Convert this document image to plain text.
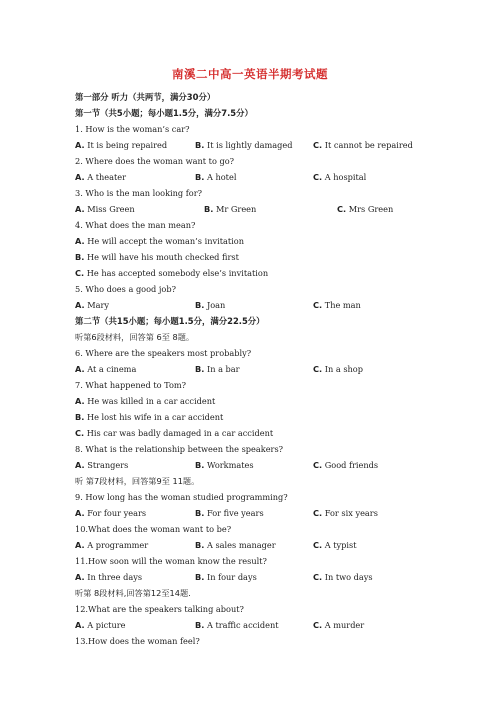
南溪二中高一英语半期考试题
第一部分 听力（共两节，满分30分）
第一节（共5小题；每小题1.5分，满分7.5分）
1. How is the woman’s car?
A. It is being repaired	B. It is lightly damaged	C. It cannot be repaired
2. Where does the woman want to go?
A. A theater	B. A hotel	C. A hospital
3. Who is the man looking for?
A. Miss Green	B. Mr Green	C. Mrs Green
4. What does the man mean?
A. He will accept the woman’s invitation
B. He will have his mouth checked first
C. He has accepted somebody else’s invitation
5. Who does a good job?
A. Mary	B. Joan	C. The man
第二节（共15小题；每小题1.5分，满分22.5分）
听第6段材料，回答第 6至 8题。
6. Where are the speakers most probably?
A. At a cinema	B. In a bar	C. In a shop
7. What happened to Tom?
A. He was killed in a car accident
B. He lost his wife in a car accident
C. His car was badly damaged in a car accident
8. What is the relationship between the speakers?
A. Strangers	B. Workmates	C. Good friends
听 第7段材料，回答第9至 11题。
9. How long has the woman studied programming?
A. For four years	B. For five years	C. For six years
10.What does the woman want to be?
A. A programmer	B. A sales manager	C. A typist
11.How soon will the woman know the result?
A. In three days	B. In four days	C. In two days
听第 8段材料,回答第12至14题.
12.What are the speakers talking about?
A. A picture	B. A traffic accident	C. A murder
13.How does the woman feel?
